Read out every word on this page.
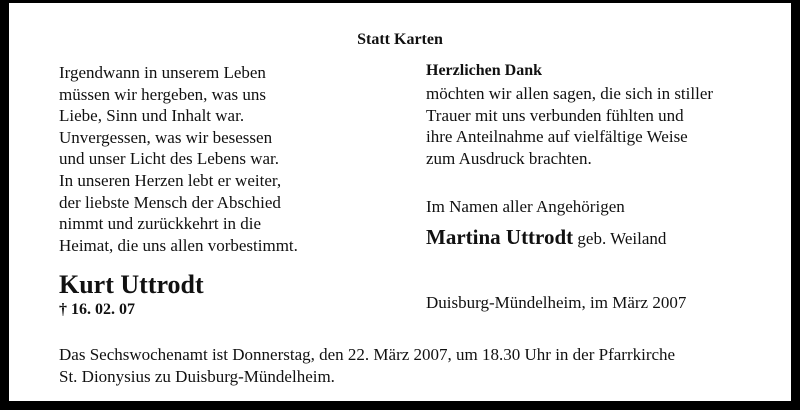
Statt Karten
Irgendwann in unserem Leben
müssen wir hergeben, was uns
Liebe, Sinn und Inhalt war.
Unvergessen, was wir besessen
und unser Licht des Lebens war.
In unseren Herzen lebt er weiter,
der liebste Mensch der Abschied
nimmt und zurückkehrt in die
Heimat, die uns allen vorbestimmt.
Herzlichen Dank
möchten wir allen sagen, die sich in stiller
Trauer mit uns verbunden fühlten und
ihre Anteilnahme auf vielfältige Weise
zum Ausdruck brachten.
Im Namen aller Angehörigen
Martina Uttrodt geb. Weiland
Kurt Uttrodt
† 16. 02. 07	Duisburg-Mündelheim, im März 2007
Das Sechswochenamt ist Donnerstag, den 22. März 2007, um 18.30 Uhr in der Pfarrkirche
St. Dionysius zu Duisburg-Mündelheim.
